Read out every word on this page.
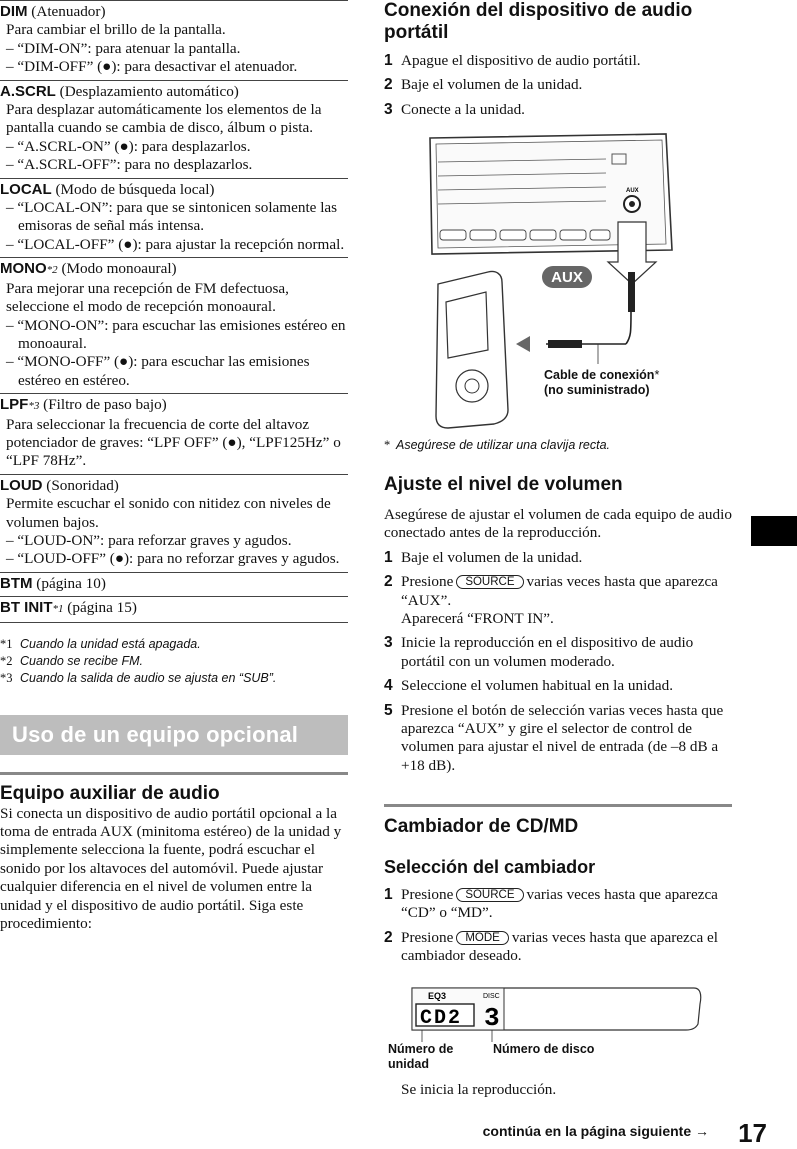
DIM (Atenuador)
Para cambiar el brillo de la pantalla.
– “DIM-ON”: para atenuar la pantalla.
– “DIM-OFF” (●): para desactivar el atenuador.
A.SCRL (Desplazamiento automático)
Para desplazar automáticamente los elementos de la pantalla cuando se cambia de disco, álbum o pista.
– “A.SCRL-ON” (●): para desplazarlos.
– “A.SCRL-OFF”: para no desplazarlos.
LOCAL (Modo de búsqueda local)
– “LOCAL-ON”: para que se sintonicen solamente las emisoras de señal más intensa.
– “LOCAL-OFF” (●): para ajustar la recepción normal.
MONO*2 (Modo monoaural)
Para mejorar una recepción de FM defectuosa, seleccione el modo de recepción monoaural.
– “MONO-ON”: para escuchar las emisiones estéreo en monoaural.
– “MONO-OFF” (●): para escuchar las emisiones estéreo en estéreo.
LPF*3 (Filtro de paso bajo)
Para seleccionar la frecuencia de corte del altavoz potenciador de graves: “LPF OFF” (●), “LPF125Hz” o “LPF 78Hz”.
LOUD (Sonoridad)
Permite escuchar el sonido con nitidez con niveles de volumen bajos.
– “LOUD-ON”: para reforzar graves y agudos.
– “LOUD-OFF” (●): para no reforzar graves y agudos.
BTM (página 10)
BT INIT*1 (página 15)
*1 Cuando la unidad está apagada.
*2 Cuando se recibe FM.
*3 Cuando la salida de audio se ajusta en “SUB”.
Uso de un equipo opcional
Equipo auxiliar de audio

Si conecta un dispositivo de audio portátil opcional a la toma de entrada AUX (minitoma estéreo) de la unidad y simplemente selecciona la fuente, podrá escuchar el sonido por los altavoces del automóvil. Puede ajustar cualquier diferencia en el nivel de volumen entre la unidad y el dispositivo de audio portátil. Siga este procedimiento:

Conexión del dispositivo de audio portátil
1 Apague el dispositivo de audio portátil.
2 Baje el volumen de la unidad.
3 Conecte a la unidad.
AUX
AUX
Cable de conexión*
(no suministrado)
* Asegúrese de utilizar una clavija recta.
Ajuste el nivel de volumen

Asegúrese de ajustar el volumen de cada equipo de audio conectado antes de la reproducción.

1 Baje el volumen de la unidad.
2 Presione SOURCE varias veces hasta que aparezca “AUX”.
Aparecerá “FRONT IN”.
3 Inicie la reproducción en el dispositivo de audio portátil con un volumen moderado.
4 Seleccione el volumen habitual en la unidad.
5 Presione el botón de selección varias veces hasta que aparezca “AUX” y gire el selector de control de volumen para ajustar el nivel de entrada (de –8 dB a +18 dB).
Cambiador de CD/MD
Selección del cambiador
1 Presione SOURCE varias veces hasta que aparezca “CD” o “MD”.
2 Presione MODE varias veces hasta que aparezca el cambiador deseado.
EQ3	DISC
CD2 3
Número de
unidad
Número de disco

Se inicia la reproducción.

continúa en la página siguiente → 17
